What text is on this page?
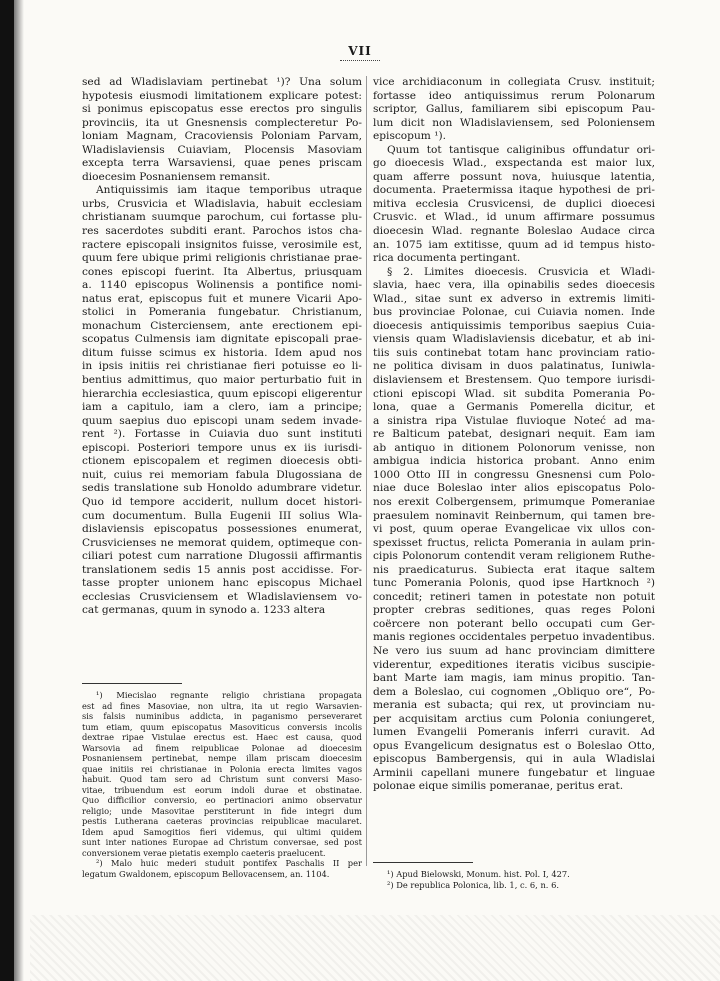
VII
sed ad Wladislaviam pertinebat ¹)? Una solum
hypotesis eiusmodi limitationem explicare potest:
si ponimus episcopatus esse erectos pro singulis
provinciis, ita ut Gnesnensis complecteretur Po-
loniam Magnam, Cracoviensis Poloniam Parvam,
Wladislaviensis Cuiaviam, Plocensis Masoviam
excepta terra Warsaviensi, quae penes priscam
dioecesim Posnaniensem remansit.
Antiquissimis iam itaque temporibus utraque
urbs, Crusvicia et Wladislavia, habuit ecclesiam
christianam suumque parochum, cui fortasse plu-
res sacerdotes subditi erant. Parochos istos cha-
ractere episcopali insignitos fuisse, verosimile est,
quum fere ubique primi religionis christianae prae-
cones episcopi fuerint. Ita Albertus, priusquam
a. 1140 episcopus Wolinensis a pontifice nomi-
natus erat, episcopus fuit et munere Vicarii Apo-
stolici in Pomerania fungebatur. Christianum,
monachum Cisterciensem, ante erectionem epi-
scopatus Culmensis iam dignitate episcopali prae-
ditum fuisse scimus ex historia. Idem apud nos
in ipsis initiis rei christianae fieri potuisse eo li-
bentius admittimus, quo maior perturbatio fuit in
hierarchia ecclesiastica, quum episcopi eligerentur
iam a capitulo, iam a clero, iam a principe;
quum saepius duo episcopi unam sedem invade-
rent ²). Fortasse in Cuiavia duo sunt instituti
episcopi. Posteriori tempore unus ex iis iurisdi-
ctionem episcopalem et regimen dioecesis obti-
nuit, cuius rei memoriam fabula Dlugossiana de
sedis translatione sub Honoldo adumbrare videtur.
Quo id tempore acciderit, nullum docet histori-
cum documentum. Bulla Eugenii III solius Wla-
dislaviensis episcopatus possessiones enumerat,
Crusvicienses ne memorat quidem, optimeque con-
ciliari potest cum narratione Dlugossii affirmantis
translationem sedis 15 annis post accidisse. For-
tasse propter unionem hanc episcopus Michael
ecclesias Crusviciensem et Wladislaviensem vo-
cat germanas, quum in synodo a. 1233 altera
vice archidiaconum in collegiata Crusv. instituit;
fortasse ideo antiquissimus rerum Polonarum
scriptor, Gallus, familiarem sibi episcopum Pau-
lum dicit non Wladislaviensem, sed Poloniensem
episcopum ¹).
Quum tot tantisque caliginibus offundatur ori-
go dioecesis Wlad., exspectanda est maior lux,
quam afferre possunt nova, huiusque latentia,
documenta. Praetermissa itaque hypothesi de pri-
mitiva ecclesia Crusvicensi, de duplici dioecesi
Crusvic. et Wlad., id unum affirmare possumus
dioecesin Wlad. regnante Boleslao Audace circa
an. 1075 iam extitisse, quum ad id tempus histo-
rica documenta pertingant.
§ 2. Limites dioecesis. Crusvicia et Wladi-
slavia, haec vera, illa opinabilis sedes dioecesis
Wlad., sitae sunt ex adverso in extremis limiti-
bus provinciae Polonae, cui Cuiavia nomen. Inde
dioecesis antiquissimis temporibus saepius Cuia-
viensis quam Wladislaviensis dicebatur, et ab ini-
tiis suis continebat totam hanc provinciam ratio-
ne politica divisam in duos palatinatus, Iuniwla-
dislaviensem et Brestensem. Quo tempore iurisdi-
ctioni episcopi Wlad. sit subdita Pomerania Po-
lona, quae a Germanis Pomerella dicitur, et
a sinistra ripa Vistulae fluvioque Noteć ad ma-
re Balticum patebat, designari nequit. Eam iam
ab antiquo in ditionem Polonorum venisse, non
ambigua indicia historica probant. Anno enim
1000 Otto III in congressu Gnesnensi cum Polo-
niae duce Boleslao inter alios episcopatus Polo-
nos erexit Colbergensem, primumque Pomeraniae
praesulem nominavit Reinbernum, qui tamen bre-
vi post, quum operae Evangelicae vix ullos con-
spexisset fructus, relicta Pomerania in aulam prin-
cipis Polonorum contendit veram religionem Ruthe-
nis praedicaturus. Subiecta erat itaque saltem
tunc Pomerania Polonis, quod ipse Hartknoch ²)
concedit; retineri tamen in potestate non potuit
propter crebras seditiones, quas reges Poloni
coërcere non poterant bello occupati cum Ger-
manis regiones occidentales perpetuo invadentibus.
Ne vero ius suum ad hanc provinciam dimittere
viderentur, expeditiones iteratis vicibus suscipie-
bant Marte iam magis, iam minus propitio. Tan-
dem a Boleslao, cui cognomen „Obliquo ore“, Po-
merania est subacta; qui rex, ut provinciam nu-
per acquisitam arctius cum Polonia coniungeret,
lumen Evangelii Pomeranis inferri curavit. Ad
opus Evangelicum designatus est o Boleslao Otto,
episcopus Bambergensis, qui in aula Wladislai
Arminii capellani munere fungebatur et linguae
polonae eique similis pomeranae, peritus erat.
¹) Miecislao regnante religio christiana propagata
est ad fines Masoviae, non ultra, ita ut regio Warsavien-
sis falsis numinibus addicta, in paganismo perseveraret
tum etiam, quum episcopatus Masoviticus conversis incolis
dextrae ripae Vistulae erectus est. Haec est causa, quod
Warsovia ad finem reipublicae Polonae ad dioecesim
Posnaniensem pertinebat, nempe illam priscam dioecesim
quae initiis rei christianae in Polonia erecta limites vagos
habuit. Quod tam sero ad Christum sunt conversi Maso-
vitae, tribuendum est eorum indoli durae et obstinatae.
Quo difficilior conversio, eo pertinaciori animo observatur
religio; unde Masovitae perstiterunt in fide integri dum
pestis Lutherana caeteras provincias reipublicae macularet.
Idem apud Samogitios fieri videmus, qui ultimi quidem
sunt inter nationes Europae ad Christum conversae, sed post
conversionem verae pietatis exemplo caeteris praelucent.
²) Malo huic mederi studuit pontifex Paschalis II per
legatum Gwaldonem, episcopum Bellovacensem, an. 1104.	¹) Apud Bielowski, Monum. hist. Pol. I, 427.
²) De republica Polonica, lib. 1, c. 6, n. 6.
